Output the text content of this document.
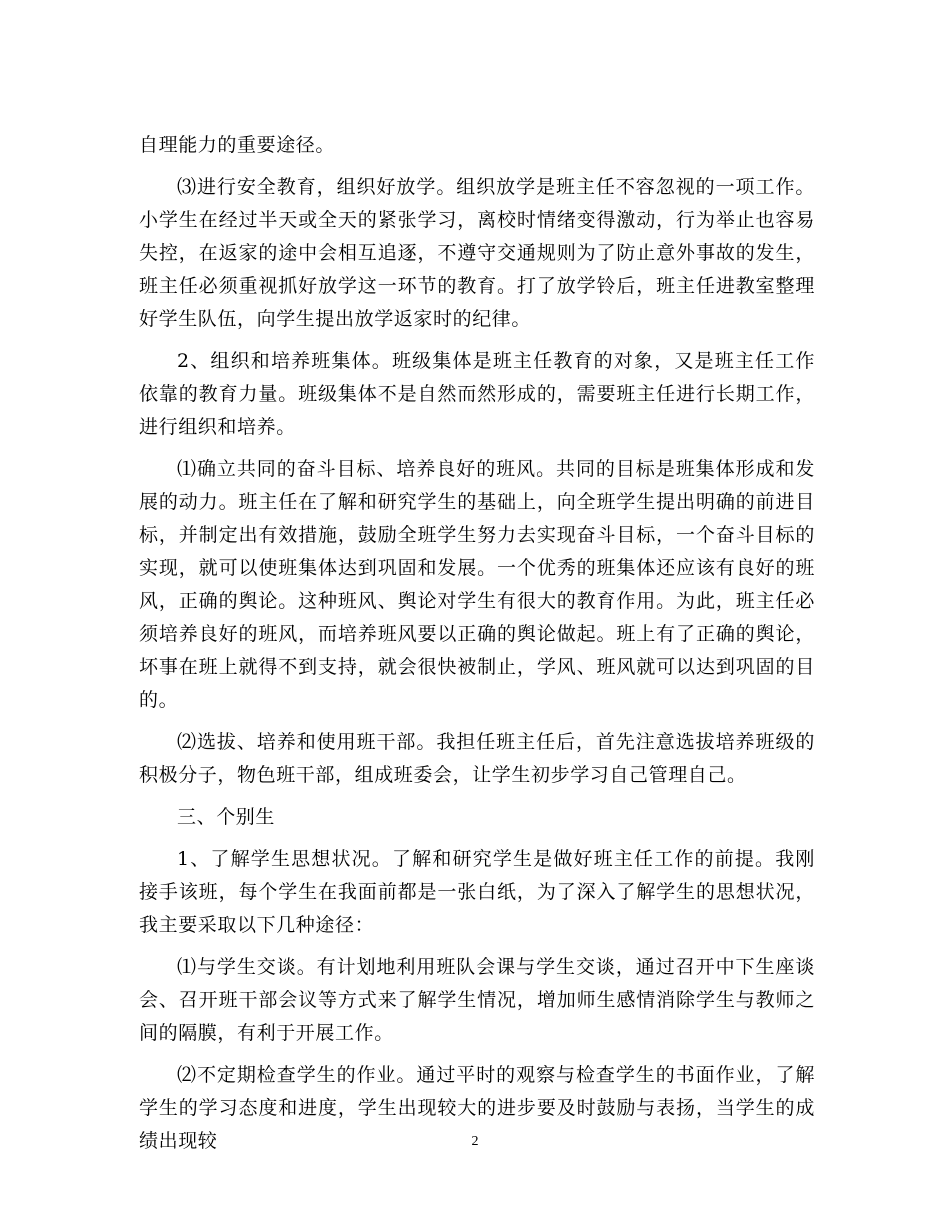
自理能力的重要途径。

⑶进行安全教育，组织好放学。组织放学是班主任不容忽视的一项工作。小学生在经过半天或全天的紧张学习，离校时情绪变得激动，行为举止也容易失控，在返家的途中会相互追逐，不遵守交通规则为了防止意外事故的发生，班主任必须重视抓好放学这一环节的教育。打了放学铃后，班主任进教室整理好学生队伍，向学生提出放学返家时的纪律。

2、组织和培养班集体。班级集体是班主任教育的对象，又是班主任工作依靠的教育力量。班级集体不是自然而然形成的，需要班主任进行长期工作，进行组织和培养。

⑴确立共同的奋斗目标、培养良好的班风。共同的目标是班集体形成和发展的动力。班主任在了解和研究学生的基础上，向全班学生提出明确的前进目标，并制定出有效措施，鼓励全班学生努力去实现奋斗目标，一个奋斗目标的实现，就可以使班集体达到巩固和发展。一个优秀的班集体还应该有良好的班风，正确的舆论。这种班风、舆论对学生有很大的教育作用。为此，班主任必须培养良好的班风，而培养班风要以正确的舆论做起。班上有了正确的舆论，坏事在班上就得不到支持，就会很快被制止，学风、班风就可以达到巩固的目的。

⑵选拔、培养和使用班干部。我担任班主任后，首先注意选拔培养班级的积极分子，物色班干部，组成班委会，让学生初步学习自己管理自己。

三、个别生

1、了解学生思想状况。了解和研究学生是做好班主任工作的前提。我刚接手该班，每个学生在我面前都是一张白纸，为了深入了解学生的思想状况，我主要采取以下几种途径：

⑴与学生交谈。有计划地利用班队会课与学生交谈，通过召开中下生座谈会、召开班干部会议等方式来了解学生情况，增加师生感情消除学生与教师之间的隔膜，有利于开展工作。

⑵不定期检查学生的作业。通过平时的观察与检查学生的书面作业，了解学生的学习态度和进度，学生出现较大的进步要及时鼓励与表扬，当学生的成绩出现较	2
